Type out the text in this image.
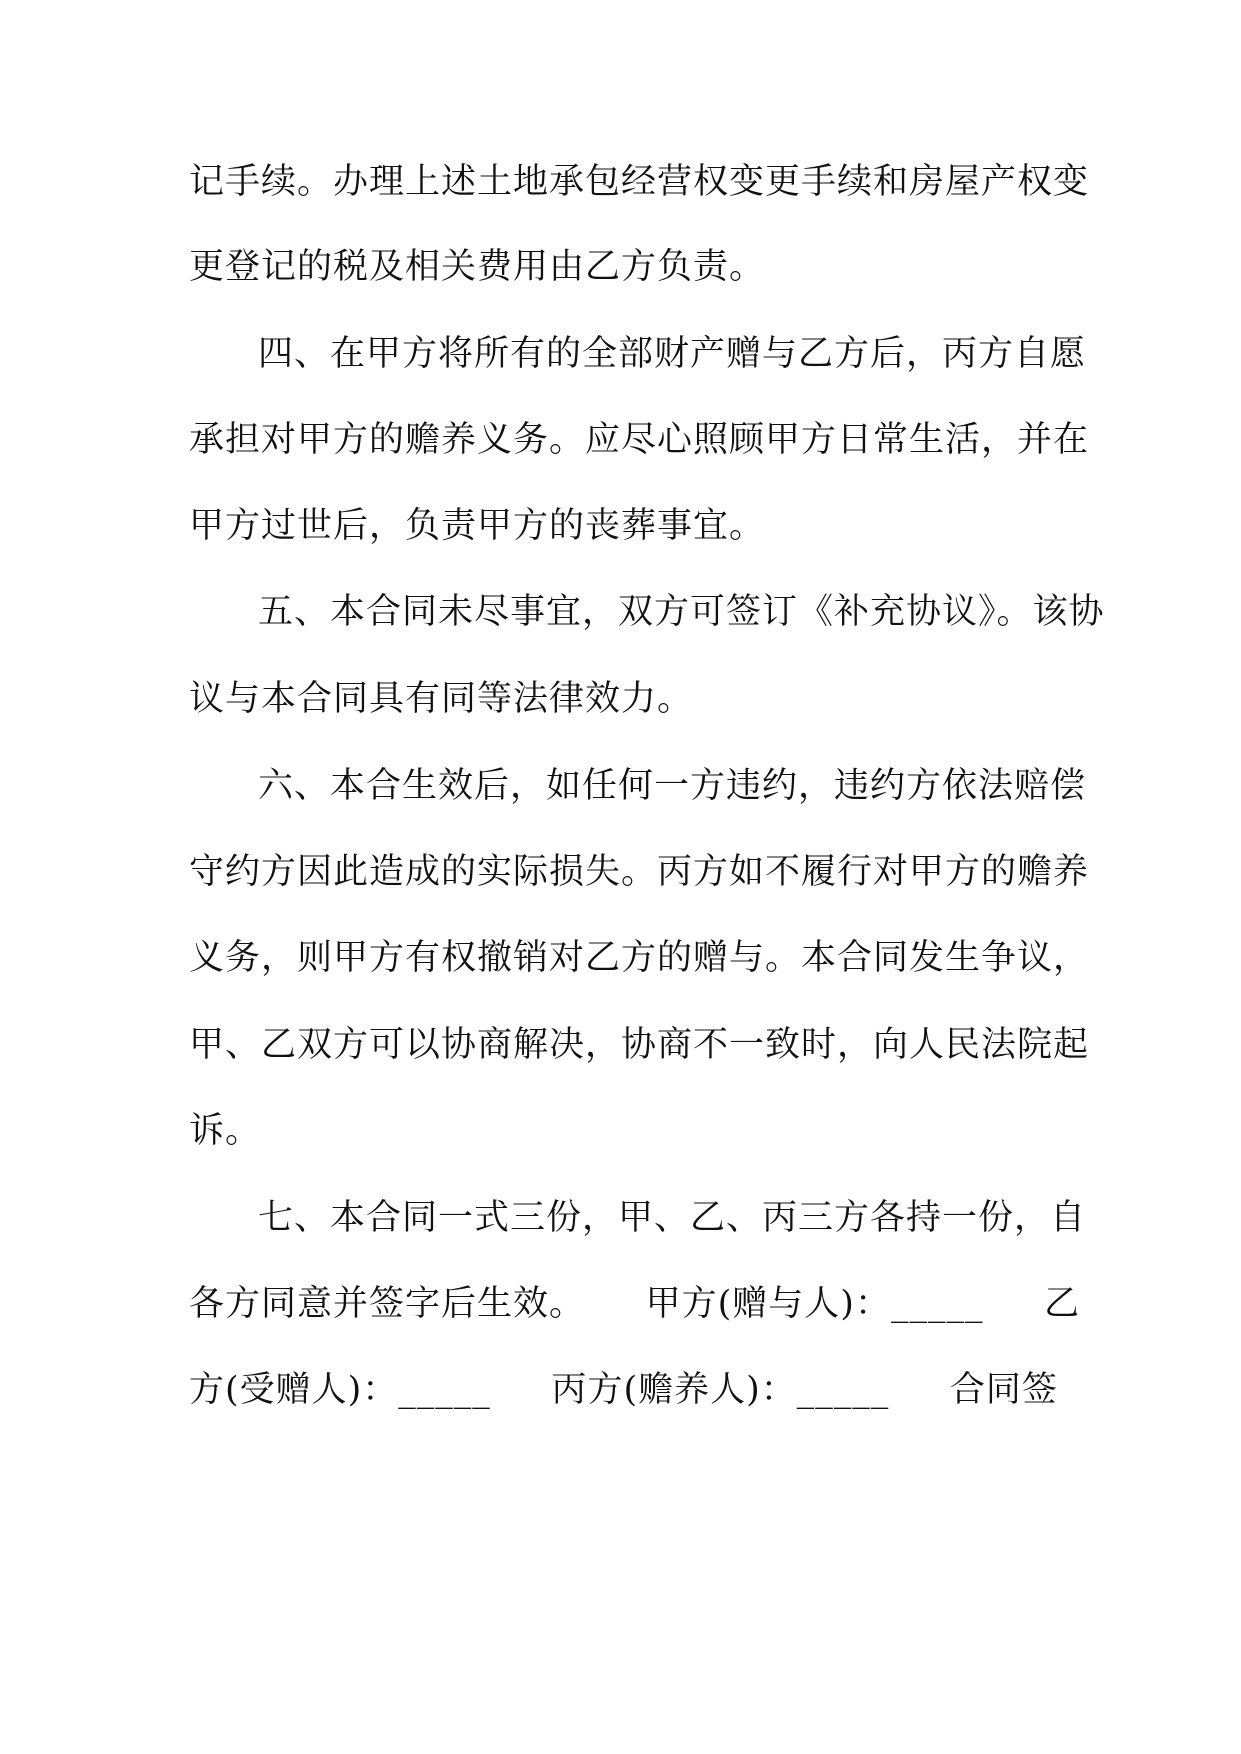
记手续。办理上述土地承包经营权变更手续和房屋产权变
更登记的税及相关费用由乙方负责。
四、在甲方将所有的全部财产赠与乙方后，丙方自愿
承担对甲方的赡养义务。应尽心照顾甲方日常生活，并在
甲方过世后，负责甲方的丧葬事宜。
五、本合同未尽事宜，双方可签订《补充协议》。该协
议与本合同具有同等法律效力。
六、本合生效后，如任何一方违约，违约方依法赔偿
守约方因此造成的实际损失。丙方如不履行对甲方的赡养
义务，则甲方有权撤销对乙方的赠与。本合同发生争议，
甲、乙双方可以协商解决，协商不一致时，向人民法院起
诉。
七、本合同一式三份，甲、乙、丙三方各持一份，自
各方同意并签字后生效。     甲方(赠与人)：_____     乙
方(受赠人)：_____     丙方(赡养人)：_____     合同签
